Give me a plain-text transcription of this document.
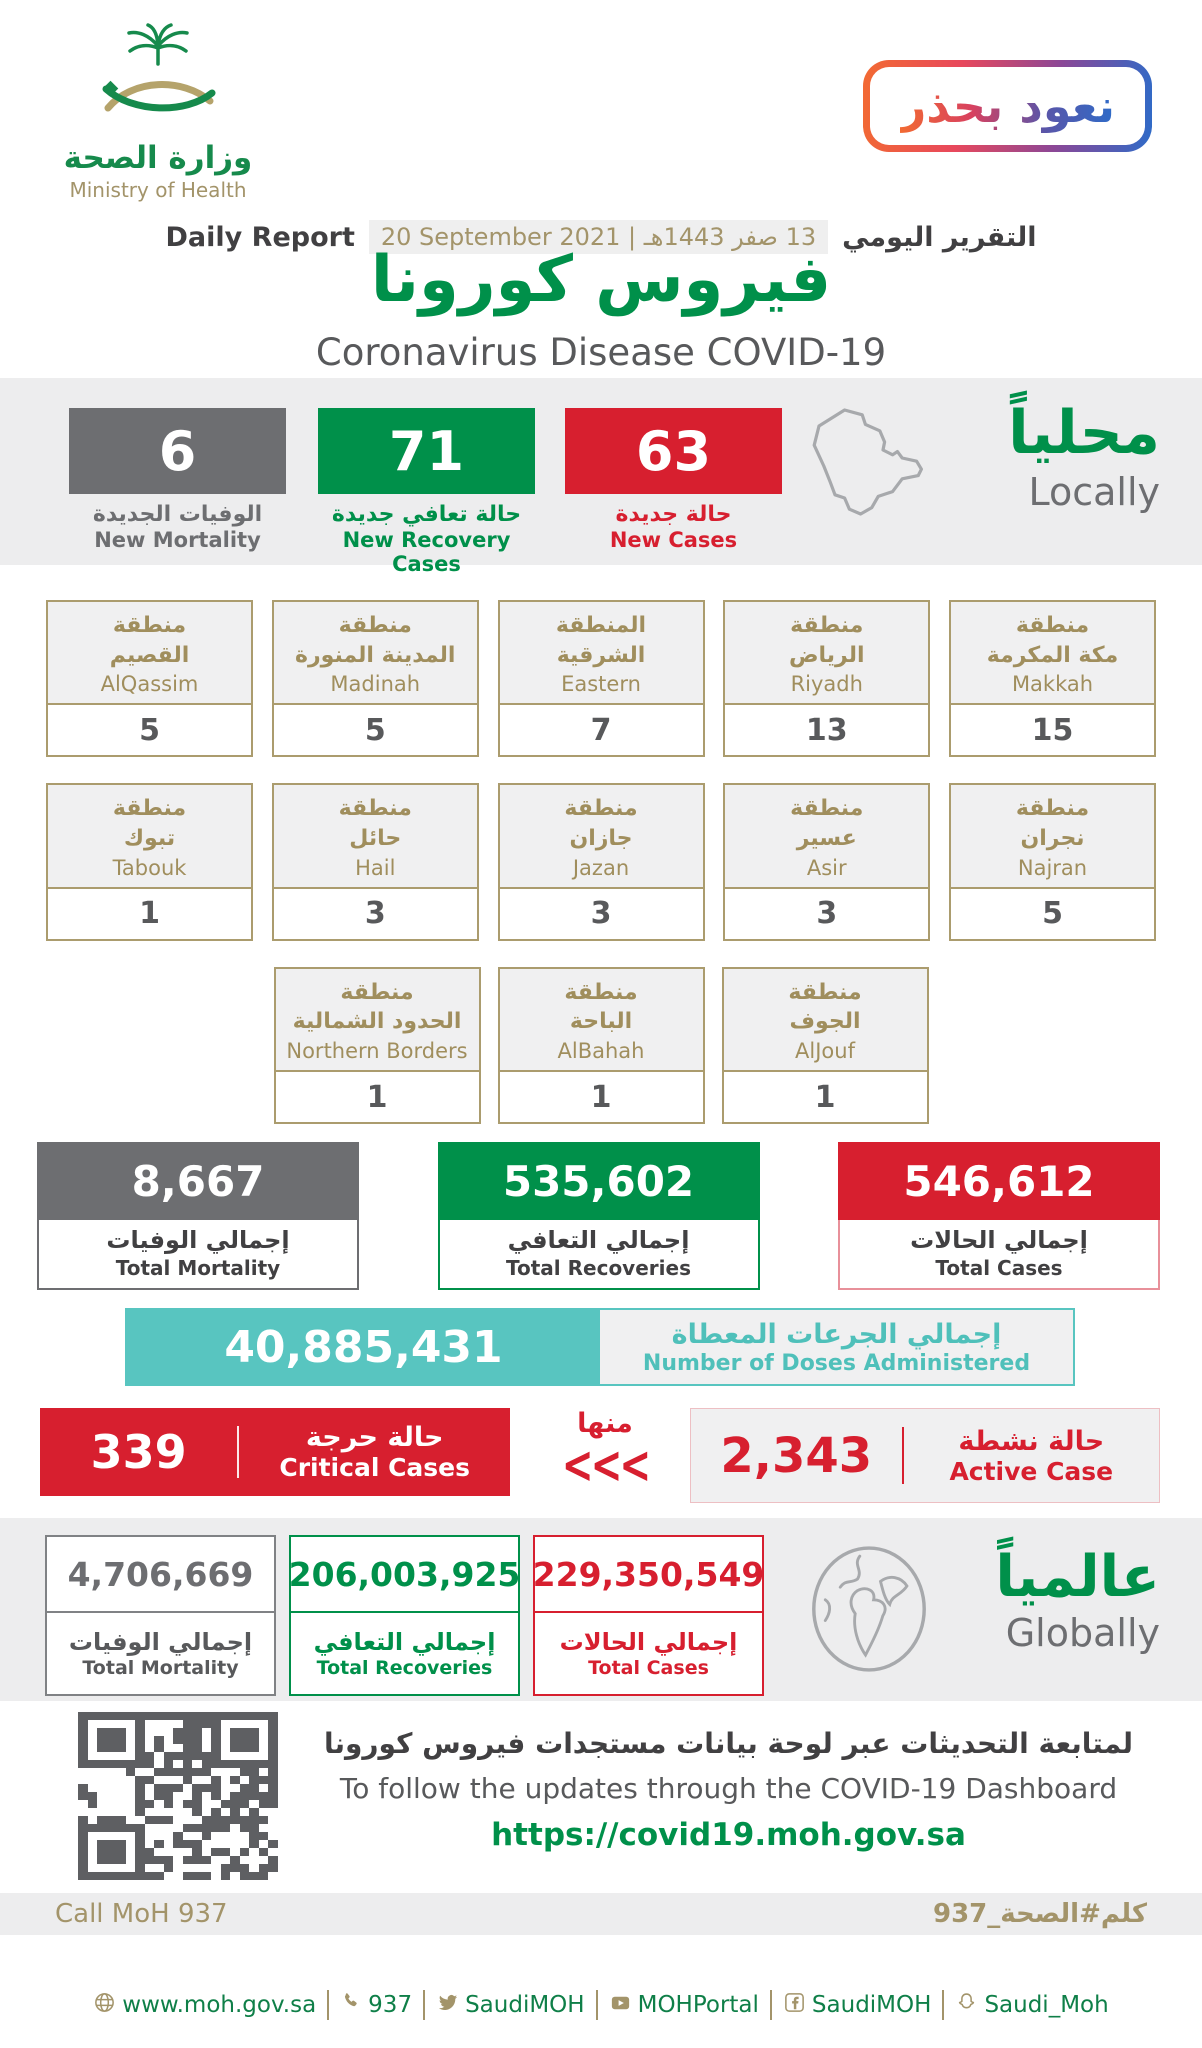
وزارة الصحة
Ministry of Health
نعود بحذر
Daily Report	20 September 2021 | 13 صفر 1443هـ التقرير اليومي
فيروس كورونا
Coronavirus Disease COVID-19
6
الوفيات الجديدة
New Mortality
71
حالة تعافي جديدة
New Recovery Cases
63
حالة جديدة
New Cases
محلياً
Locally
منطقة
القصيم
AlQassim
5
منطقة
المدينة المنورة
Madinah
5
المنطقة
الشرقية
Eastern
7
منطقة
الرياض
Riyadh
13
منطقة
مكة المكرمة
Makkah
15
منطقة
تبوك
Tabouk
1
منطقة
حائل
Hail
3
منطقة
جازان
Jazan
3
منطقة
عسير
Asir
3
منطقة
نجران
Najran
5
منطقة
الحدود الشمالية
Northern Borders
1
منطقة
الباحة
AlBahah
1
منطقة
الجوف
AlJouf
1
8,667
إجمالي الوفيات
Total Mortality
535,602
إجمالي التعافي
Total Recoveries
546,612
إجمالي الحالات
Total Cases
40,885,431	إجمالي الجرعات المعطاة
Number of Doses Administered
339	حالة حرجة
Critical Cases
منها
<<<	2,343	حالة نشطة
Active Case
4,706,669
إجمالي الوفيات
Total Mortality
206,003,925
إجمالي التعافي
Total Recoveries
229,350,549
إجمالي الحالات
Total Cases
عالمياً
Globally
لمتابعة التحديثات عبر لوحة بيانات مستجدات فيروس كورونا
To follow the updates through the COVID-19 Dashboard
https://covid19.moh.gov.sa
Call MoH 937	كلم#الصحة_937
www.moh.gov.sa 937 SaudiMOH MOHPortal SaudiMOH Saudi_Moh
